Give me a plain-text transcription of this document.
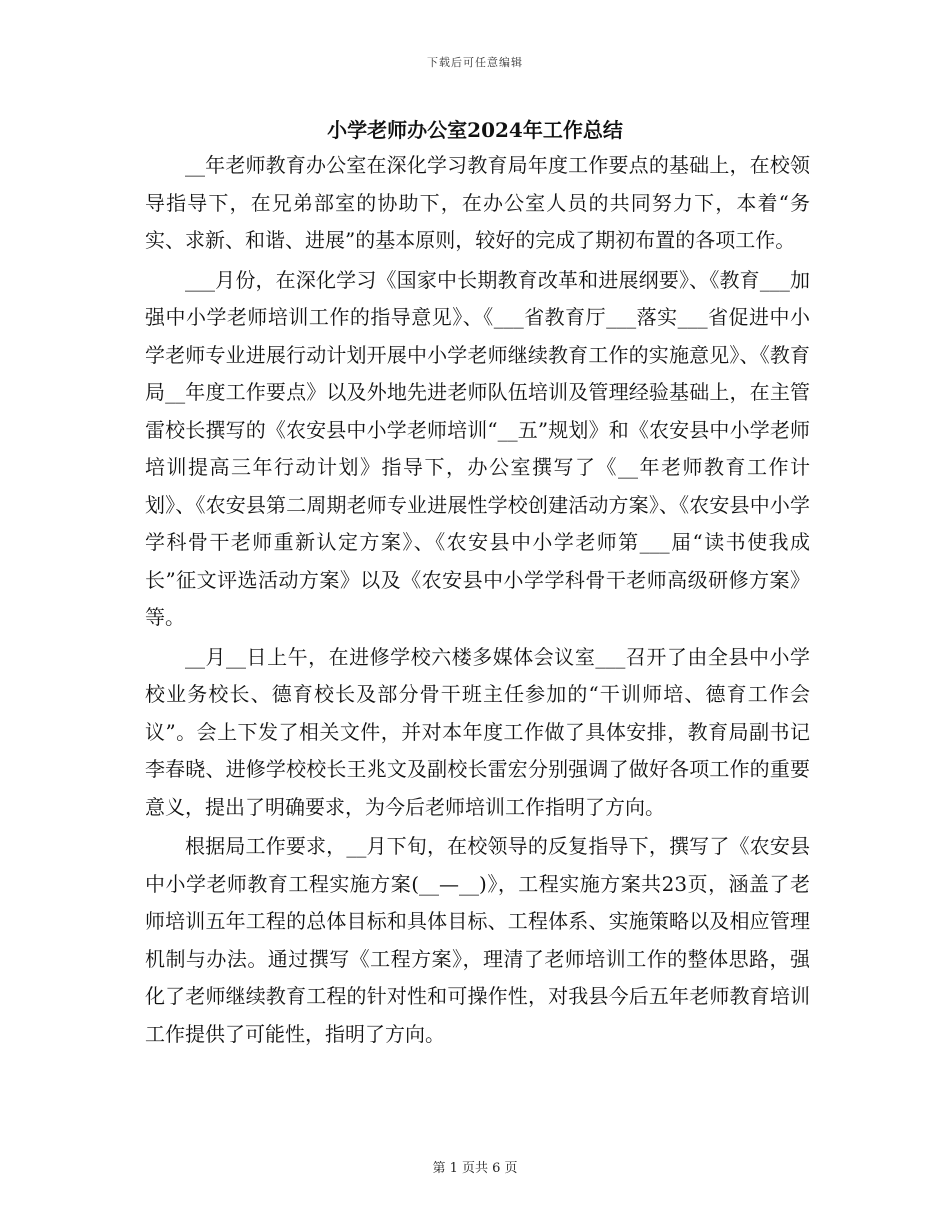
下载后可任意编辑
小学老师办公室2024年工作总结

__年老师教育办公室在深化学习教育局年度工作要点的基础上，在校领导指导下，在兄弟部室的协助下，在办公室人员的共同努力下，本着“务实、求新、和谐、进展”的基本原则，较好的完成了期初布置的各项工作。

___月份，在深化学习《国家中长期教育改革和进展纲要》、《教育___加强中小学老师培训工作的指导意见》、《___省教育厅___落实___省促进中小学老师专业进展行动计划开展中小学老师继续教育工作的实施意见》、《教育局__年度工作要点》以及外地先进老师队伍培训及管理经验基础上，在主管雷校长撰写的《农安县中小学老师培训“__五”规划》和《农安县中小学老师培训提高三年行动计划》指导下，办公室撰写了《__年老师教育工作计划》、《农安县第二周期老师专业进展性学校创建活动方案》、《农安县中小学学科骨干老师重新认定方案》、《农安县中小学老师第___届“读书使我成长”征文评选活动方案》以及《农安县中小学学科骨干老师高级研修方案》等。

__月__日上午，在进修学校六楼多媒体会议室___召开了由全县中小学校业务校长、德育校长及部分骨干班主任参加的“干训师培、德育工作会议”。会上下发了相关文件，并对本年度工作做了具体安排，教育局副书记李春晓、进修学校校长王兆文及副校长雷宏分别强调了做好各项工作的重要意义，提出了明确要求，为今后老师培训工作指明了方向。

根据局工作要求，__月下旬，在校领导的反复指导下，撰写了《农安县中小学老师教育工程实施方案(__—__)》，工程实施方案共23页，涵盖了老师培训五年工程的总体目标和具体目标、工程体系、实施策略以及相应管理机制与办法。通过撰写《工程方案》，理清了老师培训工作的整体思路，强化了老师继续教育工程的针对性和可操作性，对我县今后五年老师教育培训工作提供了可能性，指明了方向。

第 1 页共 6 页
